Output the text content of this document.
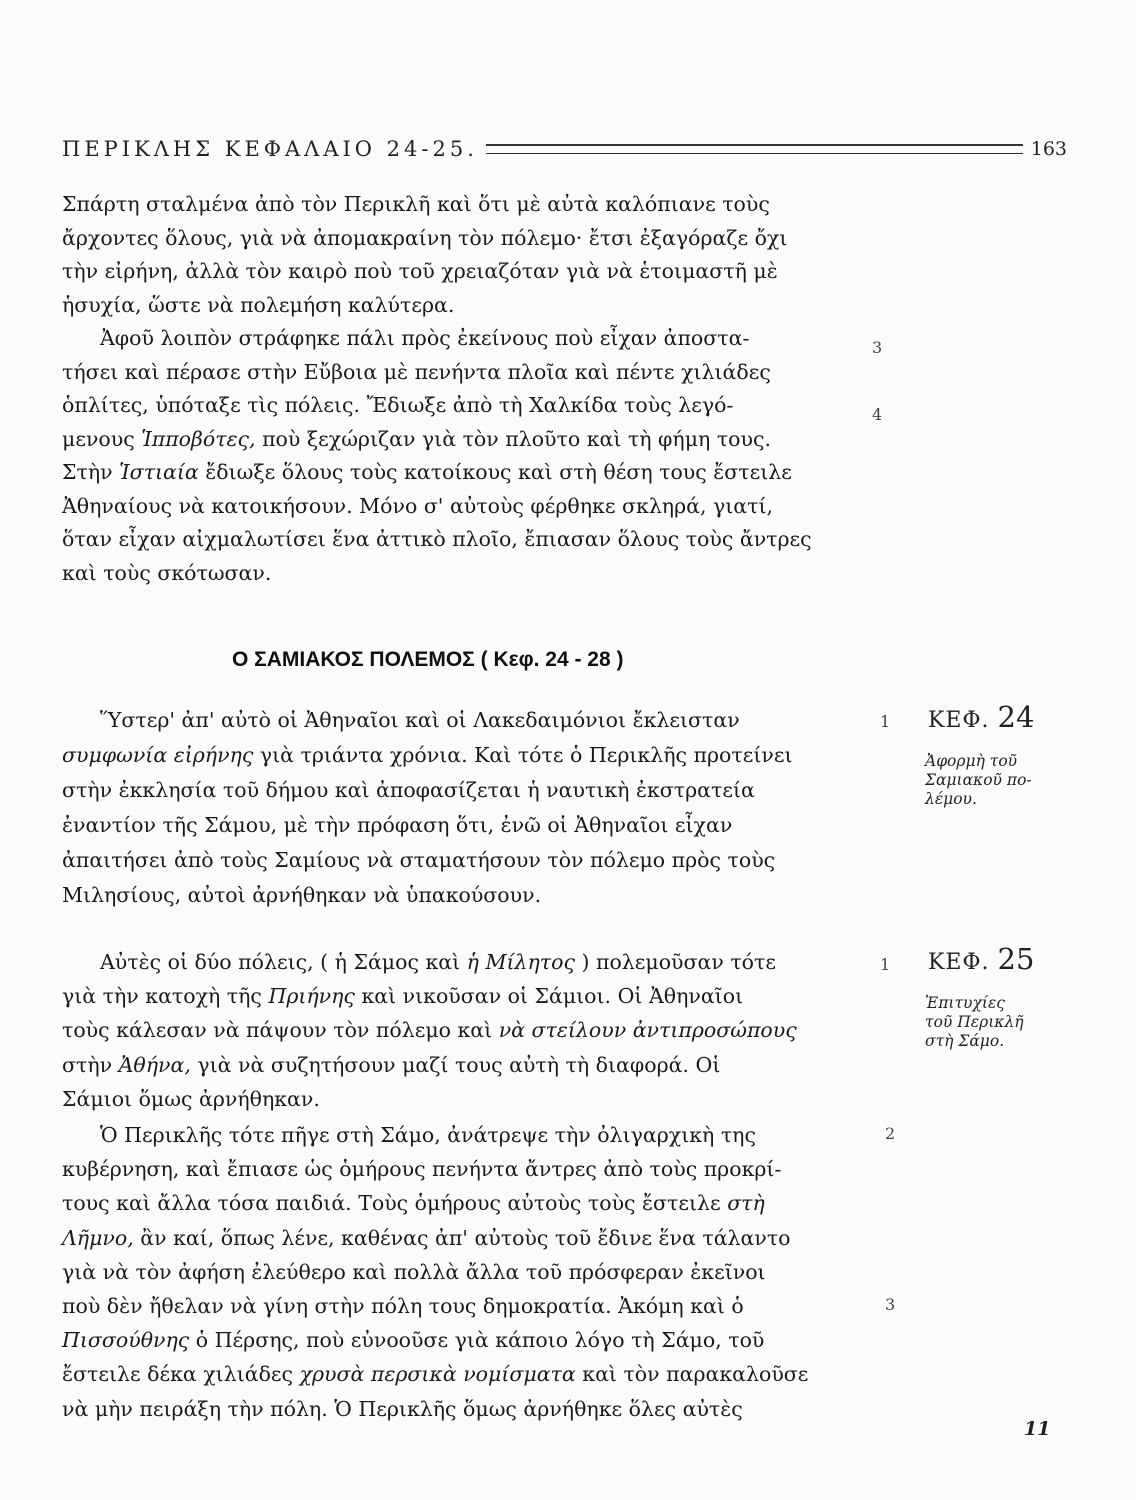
ΠΕΡΙΚΛΗΣ ΚΕΦΑΛΑΙΟ 24-25.	163
Σπάρτη σταλμένα ἀπὸ τὸν Περικλῆ καὶ ὅτι μὲ αὐτὰ καλόπιανε τοὺς
ἄρχοντες ὅλους, γιὰ νὰ ἀπομακραίνη τὸν πόλεμο· ἔτσι ἐξαγόραζε ὄχι
τὴν εἰρήνη, ἀλλὰ τὸν καιρὸ ποὺ τοῦ χρειαζόταν γιὰ νὰ ἑτοιμαστῆ μὲ
ἡσυχία, ὥστε νὰ πολεμήση καλύτερα.
Ἀφοῦ λοιπὸν στράφηκε πάλι πρὸς ἐκείνους ποὺ εἶχαν ἀποστα-
τήσει καὶ πέρασε στὴν Εὔβοια μὲ πενήντα πλοῖα καὶ πέντε χιλιάδες
ὁπλίτες, ὑπόταξε τὶς πόλεις. Ἔδιωξε ἀπὸ τὴ Χαλκίδα τοὺς λεγό-
μενους Ἱπποβότες, ποὺ ξεχώριζαν γιὰ τὸν πλοῦτο καὶ τὴ φήμη τους.
Στὴν Ἱστιαία ἔδιωξε ὅλους τοὺς κατοίκους καὶ στὴ θέση τους ἔστειλε
Ἀθηναίους νὰ κατοικήσουν. Μόνο σ' αὐτοὺς φέρθηκε σκληρά, γιατί,
ὅταν εἶχαν αἰχμαλωτίσει ἕνα ἀττικὸ πλοῖο, ἔπιασαν ὅλους τοὺς ἄντρες
καὶ τοὺς σκότωσαν.
3
4
Ο ΣΑΜΙΑΚΟΣ ΠΟΛΕΜΟΣ ( Κεφ. 24 - 28 )
Ὕστερ' ἀπ' αὐτὸ οἱ Ἀθηναῖοι καὶ οἱ Λακεδαιμόνιοι ἔκλεισταν
συμφωνία εἰρήνης γιὰ τριάντα χρόνια. Καὶ τότε ὁ Περικλῆς προτείνει
στὴν ἐκκλησία τοῦ δήμου καὶ ἀποφασίζεται ἡ ναυτικὴ ἐκστρατεία
ἐναντίον τῆς Σάμου, μὲ τὴν πρόφαση ὅτι, ἐνῶ οἱ Ἀθηναῖοι εἶχαν
ἀπαιτήσει ἀπὸ τοὺς Σαμίους νὰ σταματήσουν τὸν πόλεμο πρὸς τοὺς
Μιλησίους, αὐτοὶ ἀρνήθηκαν νὰ ὑπακούσουν.
1 ΚΕΦ. 24
Ἀφορμὴ τοῦ
Σαμιακοῦ πο-
λέμου.
Αὐτὲς οἱ δύο πόλεις, ( ἡ Σάμος καὶ ἡ Μίλητος ) πολεμοῦσαν τότε
γιὰ τὴν κατοχὴ τῆς Πριήνης καὶ νικοῦσαν οἱ Σάμιοι. Οἱ Ἀθηναῖοι
τοὺς κάλεσαν νὰ πάψουν τὸν πόλεμο καὶ νὰ στείλουν ἀντιπροσώπους
στὴν Ἀθήνα, γιὰ νὰ συζητήσουν μαζί τους αὐτὴ τὴ διαφορά. Οἱ
Σάμιοι ὅμως ἀρνήθηκαν.
1 ΚΕΦ. 25
Ἐπιτυχίες
τοῦ Περικλῆ
στὴ Σάμο.
Ὁ Περικλῆς τότε πῆγε στὴ Σάμο, ἀνάτρεψε τὴν ὀλιγαρχικὴ της
κυβέρνηση, καὶ ἔπιασε ὡς ὁμήρους πενήντα ἄντρες ἀπὸ τοὺς προκρί-
τους καὶ ἄλλα τόσα παιδιά. Τοὺς ὁμήρους αὐτοὺς τοὺς ἔστειλε στὴ
Λῆμνο, ἂν καί, ὅπως λένε, καθένας ἀπ' αὐτοὺς τοῦ ἔδινε ἕνα τάλαντο
γιὰ νὰ τὸν ἀφήση ἐλεύθερο καὶ πολλὰ ἄλλα τοῦ πρόσφεραν ἐκεῖνοι
ποὺ δὲν ἤθελαν νὰ γίνη στὴν πόλη τους δημοκρατία. Ἀκόμη καὶ ὁ
Πισσούθνης ὁ Πέρσης, ποὺ εὐνοοῦσε γιὰ κάποιο λόγο τὴ Σάμο, τοῦ
ἔστειλε δέκα χιλιάδες χρυσὰ περσικὰ νομίσματα καὶ τὸν παρακαλοῦσε
νὰ μὴν πειράξη τὴν πόλη. Ὁ Περικλῆς ὅμως ἀρνήθηκε ὅλες αὐτὲς
2
3
11
